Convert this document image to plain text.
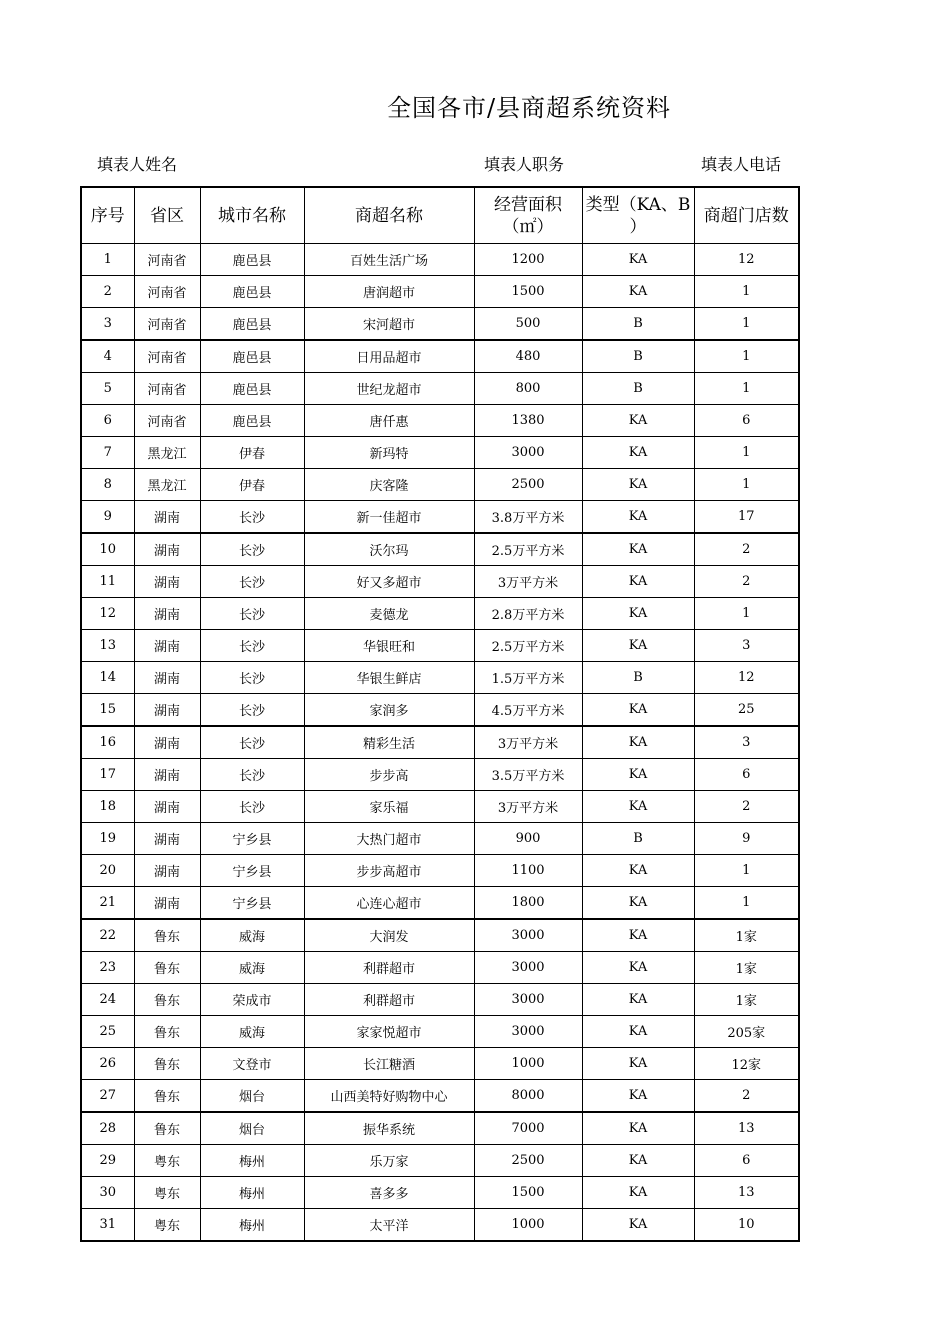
全国各市/县商超系统资料
填表人姓名	填表人职务	填表人电话
序号	省区	城市名称	商超名称	经营面积（㎡）	类型（KA、B ）	商超门店数
1	河南省	鹿邑县	百姓生活广场	1200	KA	12
2	河南省	鹿邑县	唐润超市	1500	KA	1
3	河南省	鹿邑县	宋河超市	500	B	1
4	河南省	鹿邑县	日用品超市	480	B	1
5	河南省	鹿邑县	世纪龙超市	800	B	1
6	河南省	鹿邑县	唐仟惠	1380	KA	6
7	黑龙江	伊春	新玛特	3000	KA	1
8	黑龙江	伊春	庆客隆	2500	KA	1
9	湖南	长沙	新一佳超市	3.8万平方米	KA	17
10	湖南	长沙	沃尔玛	2.5万平方米	KA	2
11	湖南	长沙	好又多超市	3万平方米	KA	2
12	湖南	长沙	麦德龙	2.8万平方米	KA	1
13	湖南	长沙	华银旺和	2.5万平方米	KA	3
14	湖南	长沙	华银生鲜店	1.5万平方米	B	12
15	湖南	长沙	家润多	4.5万平方米	KA	25
16	湖南	长沙	精彩生活	3万平方米	KA	3
17	湖南	长沙	步步高	3.5万平方米	KA	6
18	湖南	长沙	家乐福	3万平方米	KA	2
19	湖南	宁乡县	大热门超市	900	B	9
20	湖南	宁乡县	步步高超市	1100	KA	1
21	湖南	宁乡县	心连心超市	1800	KA	1
22	鲁东	威海	大润发	3000	KA	1家
23	鲁东	威海	利群超市	3000	KA	1家
24	鲁东	荣成市	利群超市	3000	KA	1家
25	鲁东	威海	家家悦超市	3000	KA	205家
26	鲁东	文登市	长江糖酒	1000	KA	12家
27	鲁东	烟台	山西美特好购物中心	8000	KA	2
28	鲁东	烟台	振华系统	7000	KA	13
29	粤东	梅州	乐万家	2500	KA	6
30	粤东	梅州	喜多多	1500	KA	13
31	粤东	梅州	太平洋	1000	KA	10
